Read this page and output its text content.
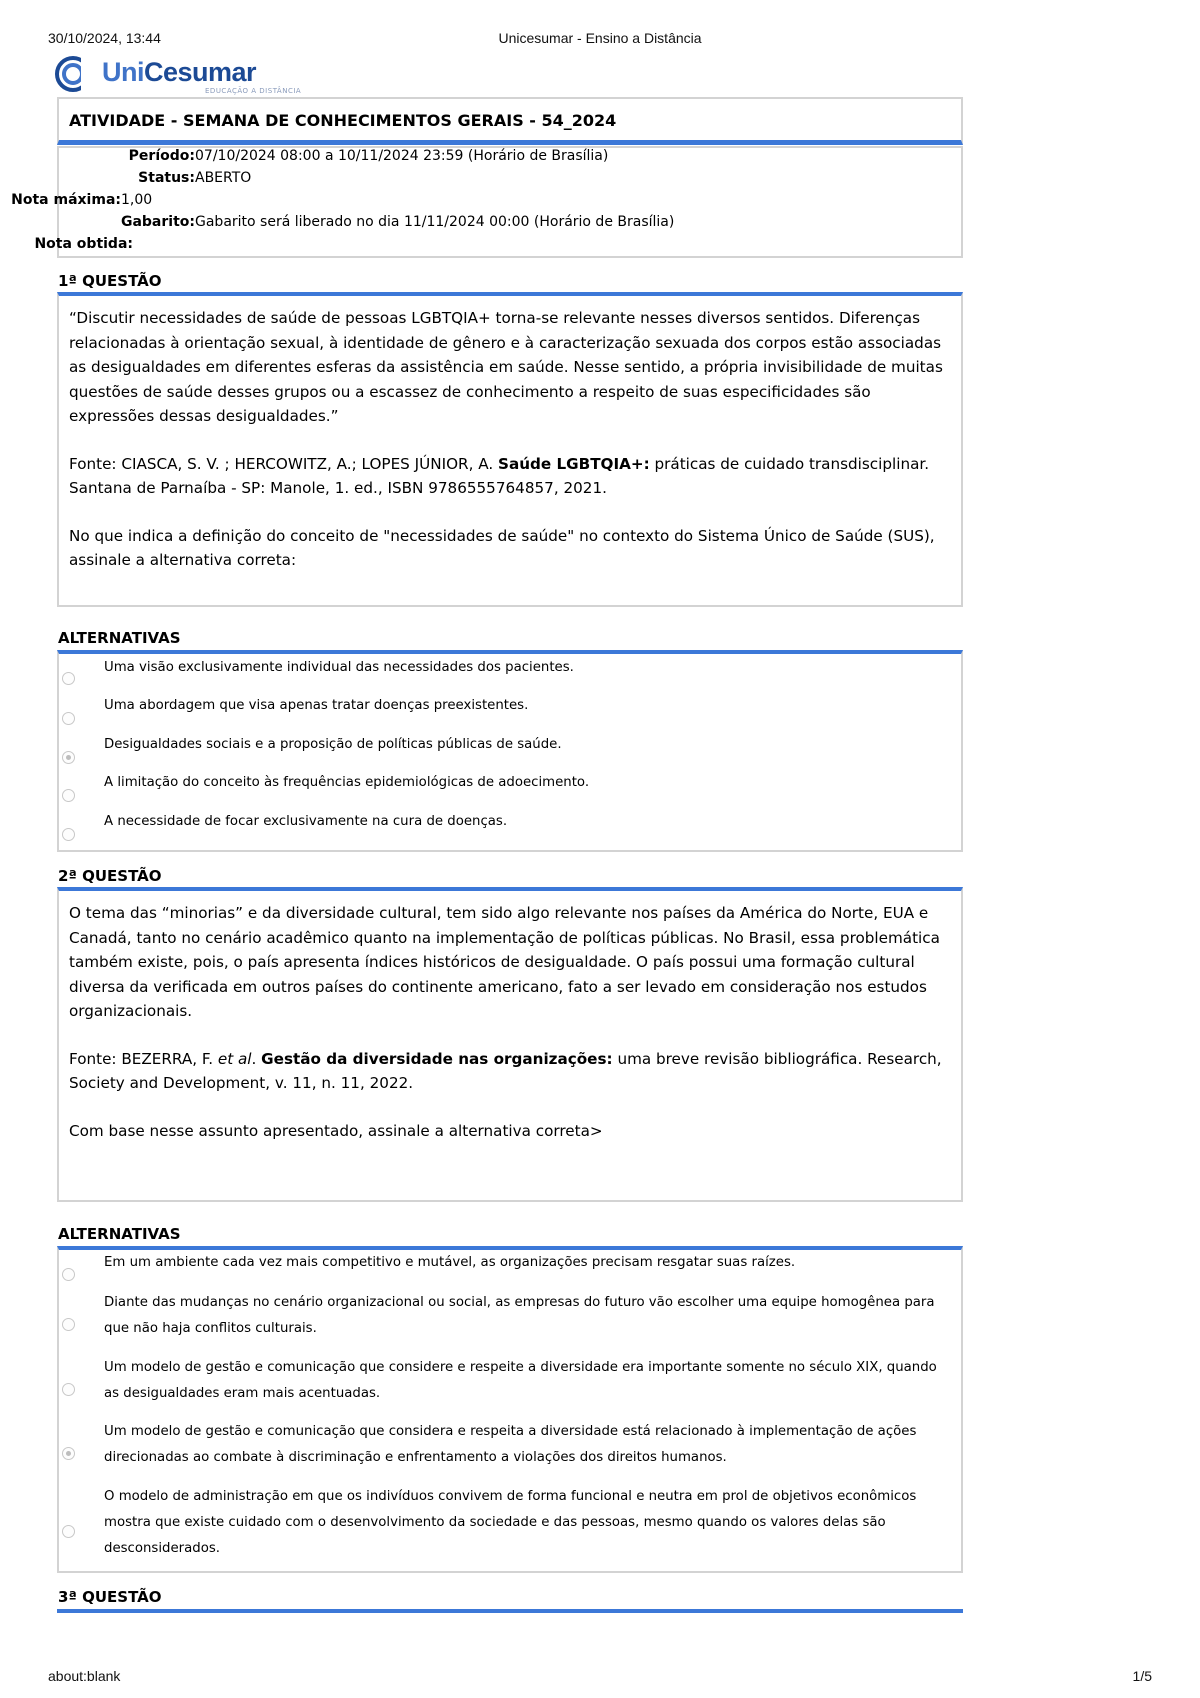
30/10/2024, 13:44	Unicesumar - Ensino a Distância
UniCesumar
EDUCAÇÃO A DISTÂNCIA
ATIVIDADE - SEMANA DE CONHECIMENTOS GERAIS - 54_2024
Período:07/10/2024 08:00 a 10/11/2024 23:59 (Horário de Brasília)
Status:ABERTO
Nota máxima:1,00
Gabarito:Gabarito será liberado no dia 11/11/2024 00:00 (Horário de Brasília)
Nota obtida:
1ª QUESTÃO

“Discutir necessidades de saúde de pessoas LGBTQIA+ torna-se relevante nesses diversos sentidos. Diferenças relacionadas à orientação sexual, à identidade de gênero e à caracterização sexuada dos corpos estão associadas as desigualdades em diferentes esferas da assistência em saúde. Nesse sentido, a própria invisibilidade de muitas questões de saúde desses grupos ou a escassez de conhecimento a respeito de suas especificidades são expressões dessas desigualdades.”

Fonte: CIASCA, S. V. ; HERCOWITZ, A.; LOPES JÚNIOR, A. Saúde LGBTQIA+: práticas de cuidado transdisciplinar. Santana de Parnaíba - SP: Manole, 1. ed., ISBN 9786555764857, 2021.

No que indica a definição do conceito de "necessidades de saúde" no contexto do Sistema Único de Saúde (SUS), assinale a alternativa correta:

ALTERNATIVAS
Uma visão exclusivamente individual das necessidades dos pacientes.
Uma abordagem que visa apenas tratar doenças preexistentes.
Desigualdades sociais e a proposição de políticas públicas de saúde.
A limitação do conceito às frequências epidemiológicas de adoecimento.
A necessidade de focar exclusivamente na cura de doenças.
2ª QUESTÃO

O tema das “minorias” e da diversidade cultural, tem sido algo relevante nos países da América do Norte, EUA e Canadá, tanto no cenário acadêmico quanto na implementação de políticas públicas. No Brasil, essa problemática também existe, pois, o país apresenta índices históricos de desigualdade. O país possui uma formação cultural diversa da verificada em outros países do continente americano, fato a ser levado em consideração nos estudos organizacionais.

Fonte: BEZERRA, F. et al. Gestão da diversidade nas organizações: uma breve revisão bibliográfica. Research, Society and Development, v. 11, n. 11, 2022.

Com base nesse assunto apresentado, assinale a alternativa correta>

ALTERNATIVAS
Em um ambiente cada vez mais competitivo e mutável, as organizações precisam resgatar suas raízes.
Diante das mudanças no cenário organizacional ou social, as empresas do futuro vão escolher uma equipe homogênea para que não haja conflitos culturais.
Um modelo de gestão e comunicação que considere e respeite a diversidade era importante somente no século XIX, quando as desigualdades eram mais acentuadas.
Um modelo de gestão e comunicação que considera e respeita a diversidade está relacionado à implementação de ações direcionadas ao combate à discriminação e enfrentamento a violações dos direitos humanos.
O modelo de administração em que os indivíduos convivem de forma funcional e neutra em prol de objetivos econômicos mostra que existe cuidado com o desenvolvimento da sociedade e das pessoas, mesmo quando os valores delas são desconsiderados.
3ª QUESTÃO
about:blank	1/5
